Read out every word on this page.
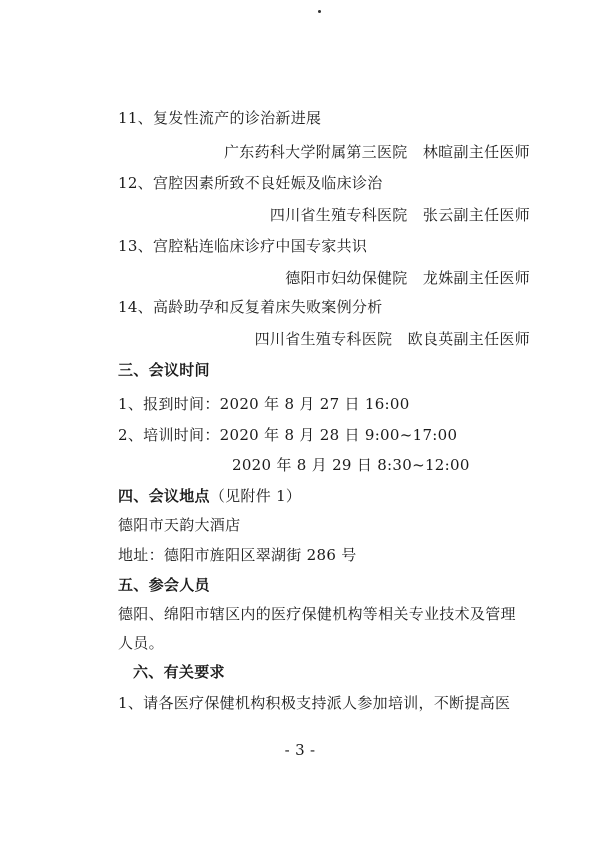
11、复发性流产的诊治新进展
广东药科大学附属第三医院　林暄副主任医师
12、宫腔因素所致不良妊娠及临床诊治
四川省生殖专科医院　张云副主任医师
13、宫腔粘连临床诊疗中国专家共识
德阳市妇幼保健院　龙姝副主任医师
14、高龄助孕和反复着床失败案例分析
四川省生殖专科医院　欧良英副主任医师
三、会议时间
1、报到时间：2020 年 8 月 27 日 16:00
2、培训时间：2020 年 8 月 28 日 9:00~17:00
2020 年 8 月 29 日 8:30~12:00
四、会议地点（见附件 1）
德阳市天韵大酒店
地址：德阳市旌阳区翠湖街 286 号
五、参会人员
德阳、绵阳市辖区内的医疗保健机构等相关专业技术及管理
人员。
六、有关要求
1、请各医疗保健机构积极支持派人参加培训，不断提高医
- 3 -
